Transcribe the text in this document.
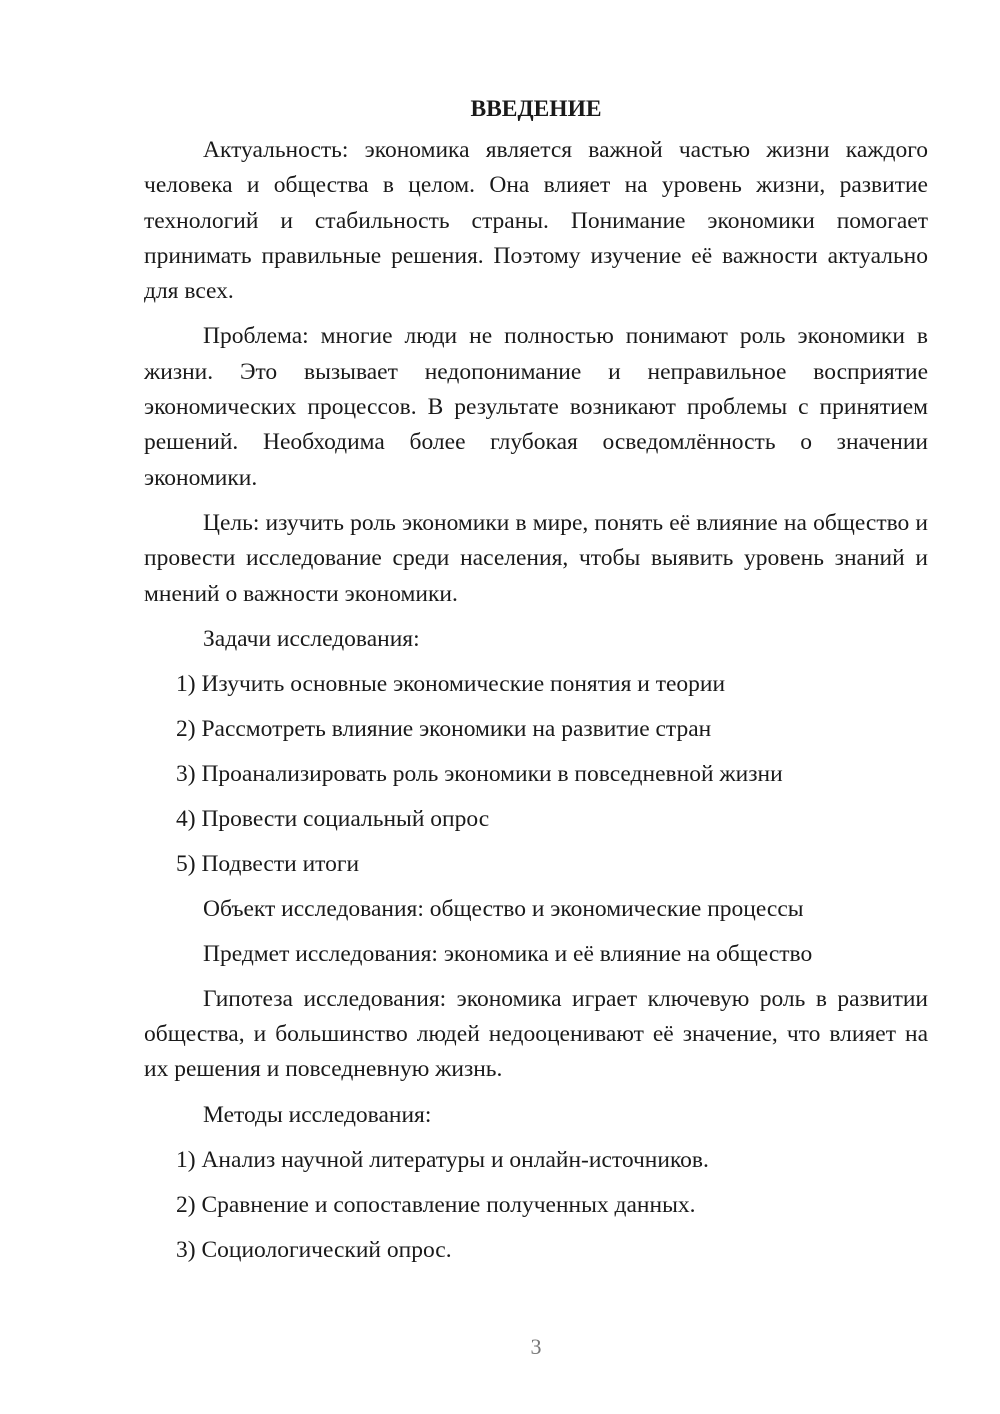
ВВЕДЕНИЕ

Актуальность: экономика является важной частью жизни каждого человека и общества в целом. Она влияет на уровень жизни, развитие технологий и стабильность страны. Понимание экономики помогает принимать правильные решения. Поэтому изучение её важности актуально для всех.

Проблема: многие люди не полностью понимают роль экономики в жизни. Это вызывает недопонимание и неправильное восприятие экономических процессов. В результате возникают проблемы с принятием решений. Необходима более глубокая осведомлённость о значении экономики.

Цель: изучить роль экономики в мире, понять её влияние на общество и провести исследование среди населения, чтобы выявить уровень знаний и мнений о важности экономики.

Задачи исследования:
1) Изучить основные экономические понятия и теории
2) Рассмотреть влияние экономики на развитие стран
3) Проанализировать роль экономики в повседневной жизни
4) Провести социальный опрос
5) Подвести итоги
Объект исследования: общество и экономические процессы
Предмет исследования: экономика и её влияние на общество

Гипотеза исследования: экономика играет ключевую роль в развитии общества, и большинство людей недооценивают её значение, что влияет на их решения и повседневную жизнь.

Методы исследования:
1) Анализ научной литературы и онлайн-источников.
2) Сравнение и сопоставление полученных данных.
3) Социологический опрос.
3
